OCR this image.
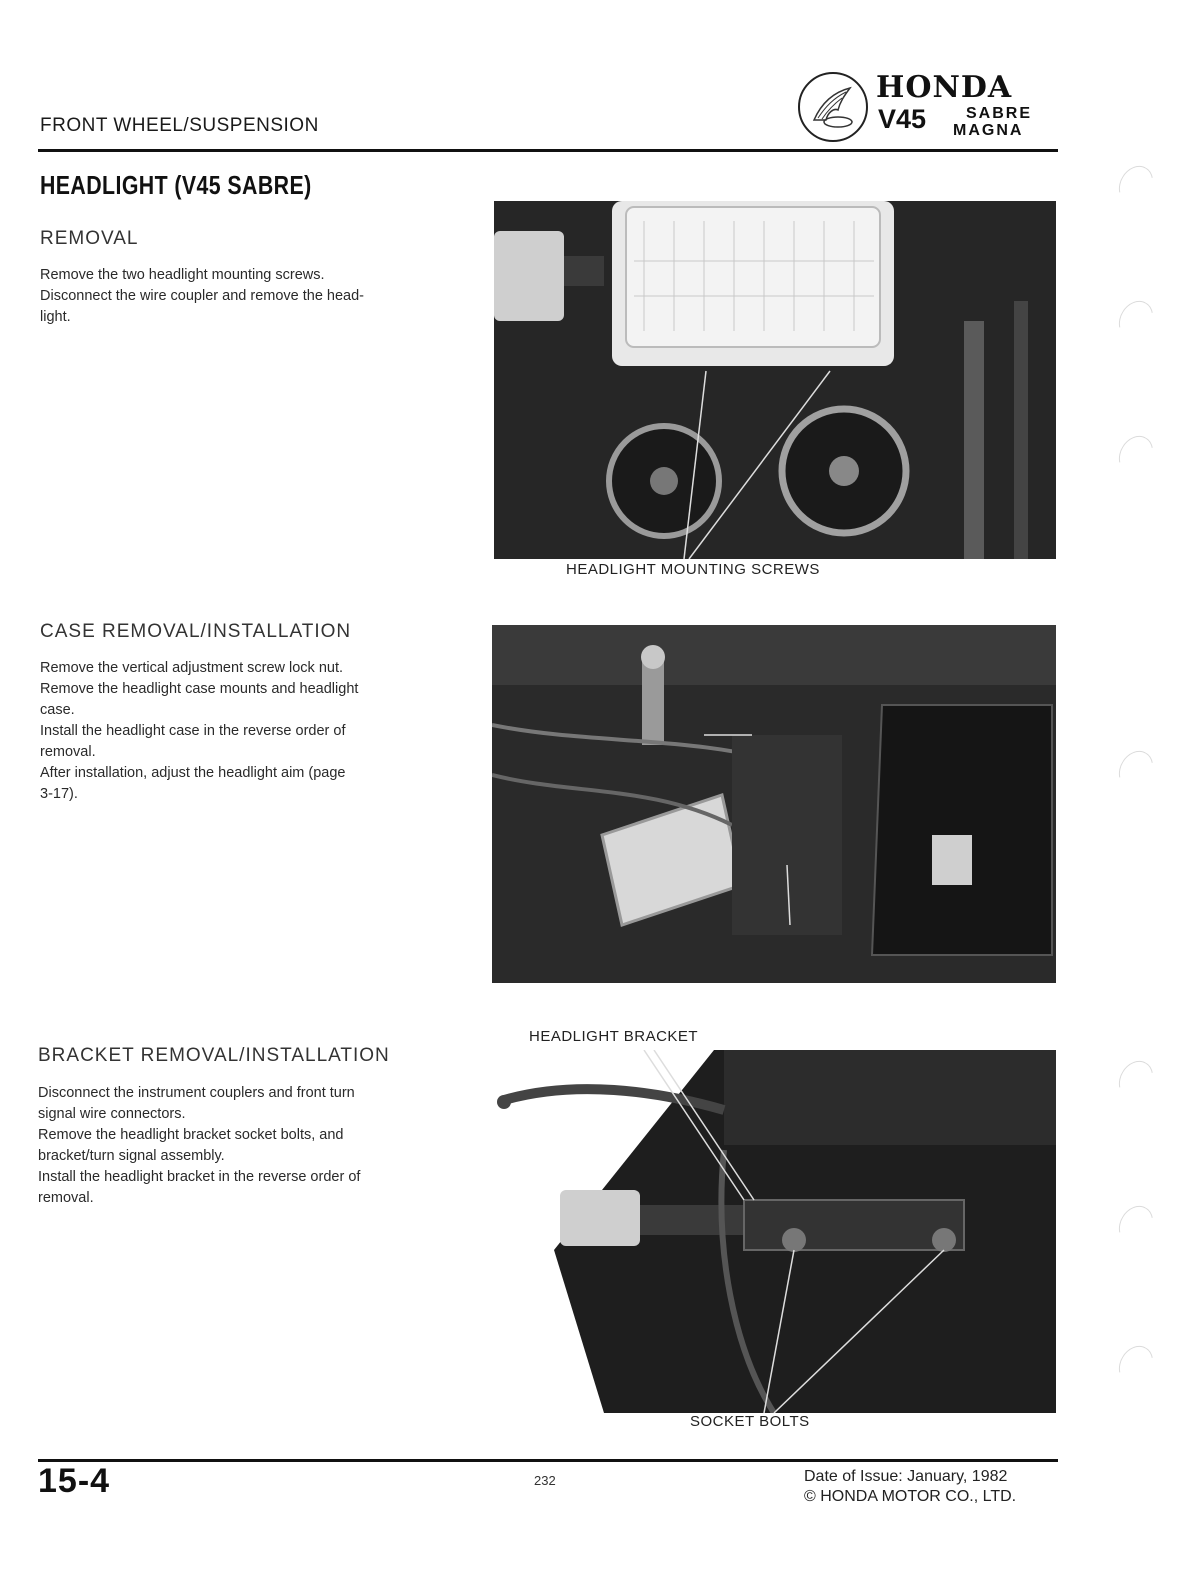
FRONT WHEEL/SUSPENSION
HONDA
V45 SABRE
MAGNA
HEADLIGHT (V45 SABRE)
REMOVAL
Remove the two headlight mounting screws.
Disconnect the wire coupler and remove the head-
light.
HEADLIGHT MOUNTING SCREWS
CASE REMOVAL/INSTALLATION
Remove the vertical adjustment screw lock nut.
Remove the headlight case mounts and headlight
case.
Install the headlight case in the reverse order of
removal.
After installation, adjust the headlight aim (page
3-17).
HEADLIGHT BRACKET
BRACKET REMOVAL/INSTALLATION
Disconnect the instrument couplers and front turn
signal wire connectors.
Remove the headlight bracket socket bolts, and
bracket/turn signal assembly.
Install the headlight bracket in the reverse order of
removal.
SOCKET BOLTS
15-4	232	Date of Issue: January, 1982
© HONDA MOTOR CO., LTD.
